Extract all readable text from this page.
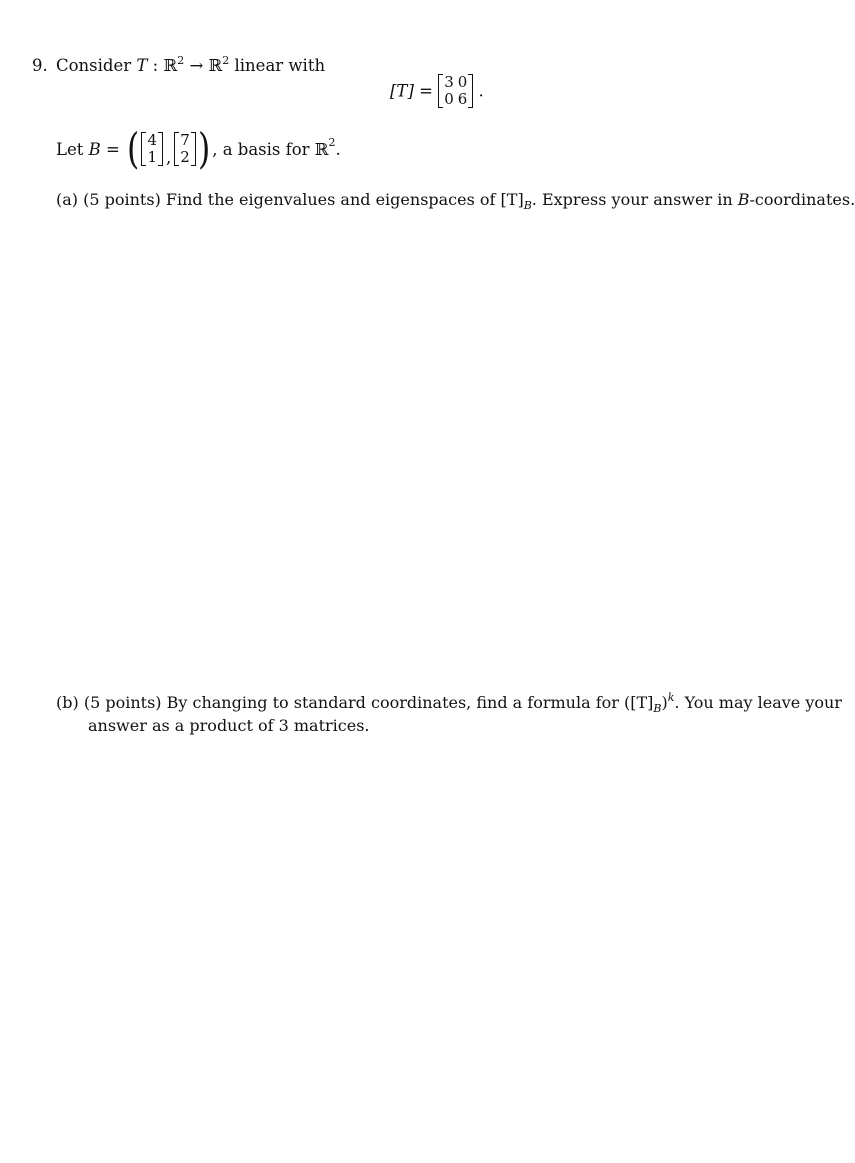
9. Consider T : ℝ$^2$ → ℝ$^2$ linear with
[T] = 3	0
0	6 .
Let
B
=
( 4
1 ,
7
2 ) , a basis for ℝ$^2$ .
(a) (5 points) Find the eigenvalues and eigenspaces of $[T]_B$. Express your answer in B-coordinates.
(b) (5 points) By changing to standard coordinates, find a formula for $([T]_B)^k$. You may leave your
answer as a product of 3 matrices.
